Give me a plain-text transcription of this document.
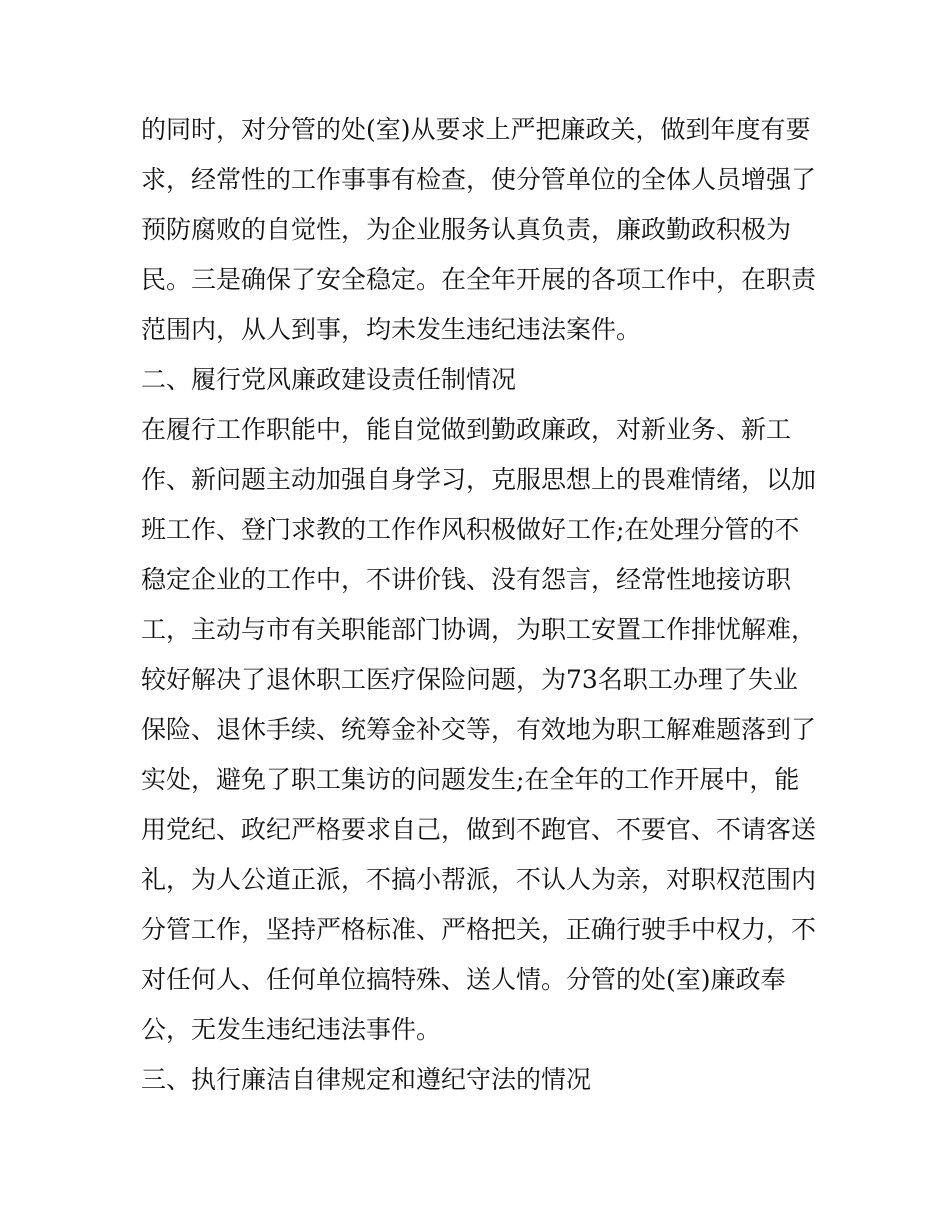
的同时，对分管的处(室)从要求上严把廉政关，做到年度有要
求，经常性的工作事事有检查，使分管单位的全体人员增强了
预防腐败的自觉性，为企业服务认真负责，廉政勤政积极为
民。三是确保了安全稳定。在全年开展的各项工作中，在职责
范围内，从人到事，均未发生违纪违法案件。
二、履行党风廉政建设责任制情况
在履行工作职能中，能自觉做到勤政廉政，对新业务、新工
作、新问题主动加强自身学习，克服思想上的畏难情绪，以加
班工作、登门求教的工作作风积极做好工作;在处理分管的不
稳定企业的工作中，不讲价钱、没有怨言，经常性地接访职
工，主动与市有关职能部门协调，为职工安置工作排忧解难，
较好解决了退休职工医疗保险问题，为73名职工办理了失业
保险、退休手续、统筹金补交等，有效地为职工解难题落到了
实处，避免了职工集访的问题发生;在全年的工作开展中，能
用党纪、政纪严格要求自己，做到不跑官、不要官、不请客送
礼，为人公道正派，不搞小帮派，不认人为亲，对职权范围内
分管工作，坚持严格标准、严格把关，正确行驶手中权力，不
对任何人、任何单位搞特殊、送人情。分管的处(室)廉政奉
公，无发生违纪违法事件。
三、执行廉洁自律规定和遵纪守法的情况
